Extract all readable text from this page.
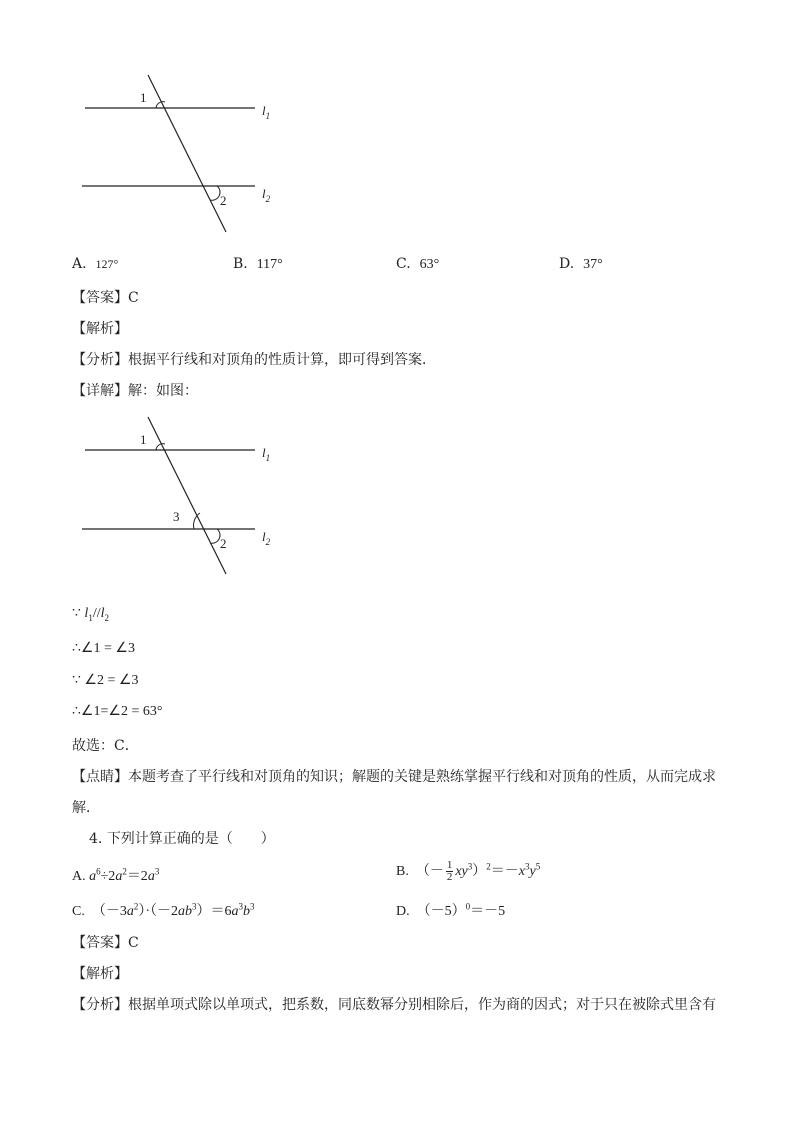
1
2
$l_1$
$l_2$
A. 127°	B. 117°	C. 63°	D. 37°
【答案】C
【解析】
【分析】根据平行线和对顶角的性质计算，即可得到答案．
【详解】解：如图：
1
3
2
$l_1$
$l_2$
∵ $l_1//l_2$
∴∠1 = ∠3
∵ ∠2 = ∠3
∴∠1=∠2 = 63°
故选：C．
【点睛】本题考查了平行线和对顶角的知识；解题的关键是熟练掌握平行线和对顶角的性质，从而完成求
解．
4. 下列计算正确的是（　　）
A. $a^6\div 2a^2=2a^3$	B. （－ $\frac{1}{2} xy^3)^2=-x^3y^5$
C. $(-3a^2)\cdot(-2ab^3)=6a^3b^3$	D. $(-5)^0=-5$
【答案】C
【解析】
【分析】根据单项式除以单项式，把系数，同底数幂分别相除后，作为商的因式；对于只在被除式里含有
